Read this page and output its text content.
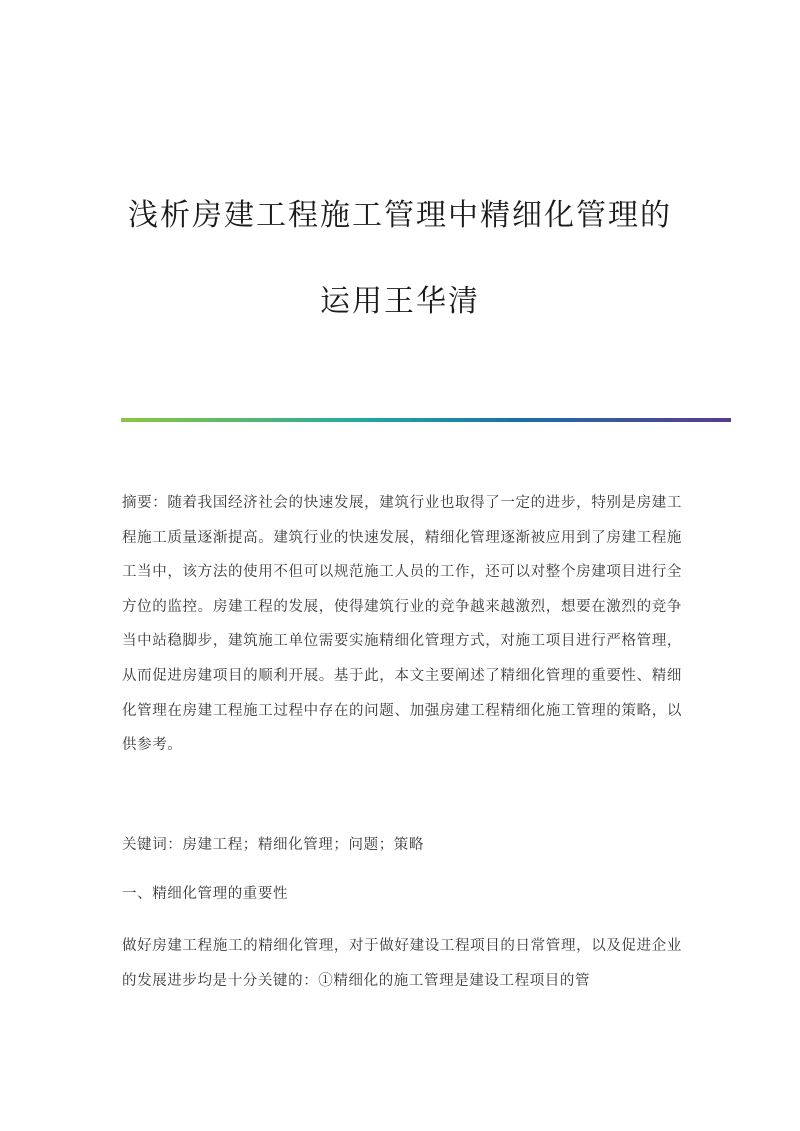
浅析房建工程施工管理中精细化管理的
运用王华清

摘要：随着我国经济社会的快速发展，建筑行业也取得了一定的进步，特别是房建工程施工质量逐渐提高。建筑行业的快速发展，精细化管理逐渐被应用到了房建工程施工当中，该方法的使用不但可以规范施工人员的工作，还可以对整个房建项目进行全方位的监控。房建工程的发展，使得建筑行业的竞争越来越激烈，想要在激烈的竞争当中站稳脚步，建筑施工单位需要实施精细化管理方式，对施工项目进行严格管理，从而促进房建项目的顺利开展。基于此，本文主要阐述了精细化管理的重要性、精细化管理在房建工程施工过程中存在的问题、加强房建工程精细化施工管理的策略，以供参考。

关键词：房建工程；精细化管理；问题；策略

一、精细化管理的重要性

做好房建工程施工的精细化管理，对于做好建设工程项目的日常管理，以及促进企业的发展进步均是十分关键的：①精细化的施工管理是建设工程项目的管
